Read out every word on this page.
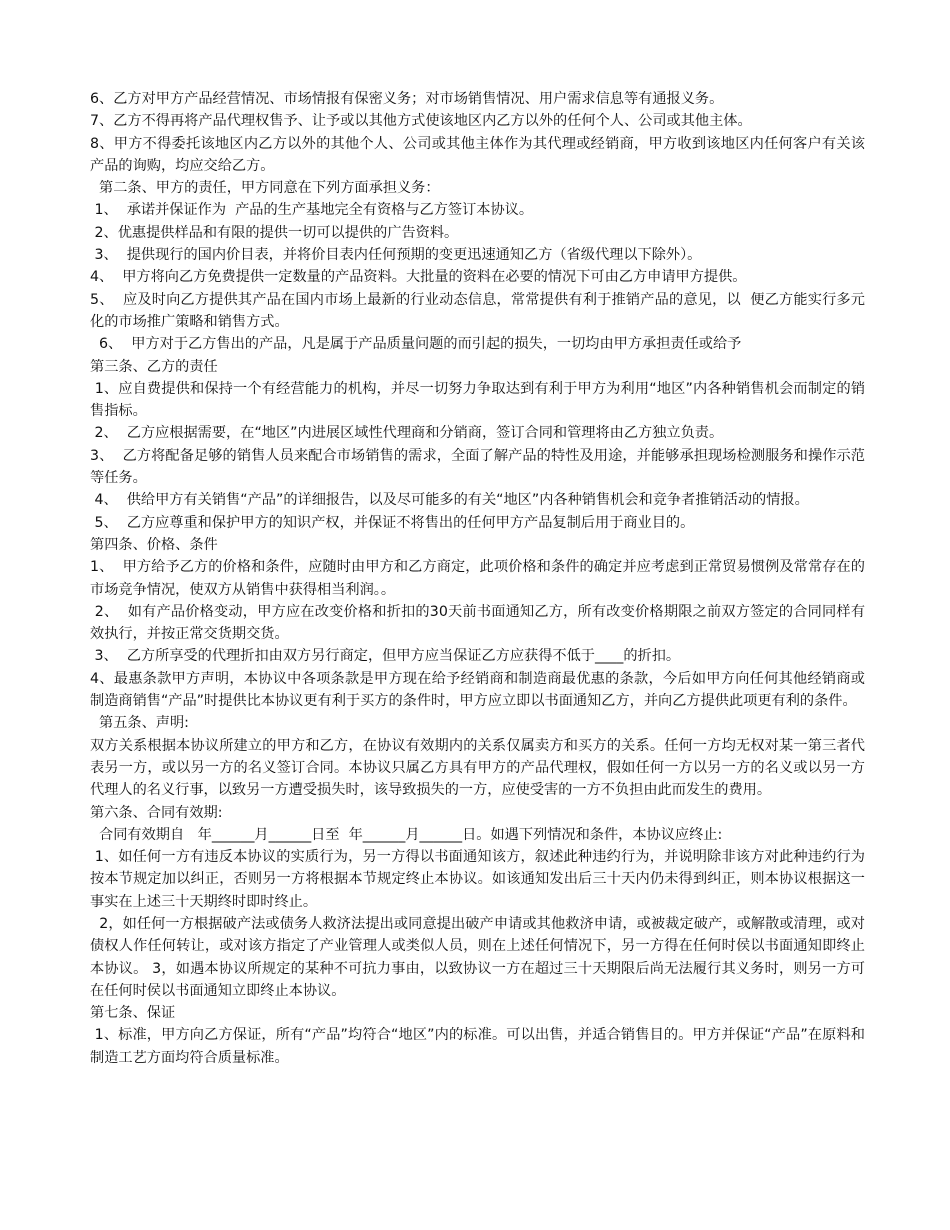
6、乙方对甲方产品经营情况、市场情报有保密义务；对市场销售情况、用户需求信息等有通报义务。

7、乙方不得再将产品代理权售予、让予或以其他方式使该地区内乙方以外的任何个人、公司或其他主体。

8、甲方不得委托该地区内乙方以外的其他个人、公司或其他主体作为其代理或经销商，甲方收到该地区内任何客户有关该产品的询购，均应交给乙方。

第二条、甲方的责任，甲方同意在下列方面承担义务：

1、  承诺并保证作为  产品的生产基地完全有资格与乙方签订本协议。

2、优惠提供样品和有限的提供一切可以提供的广告资料。

3、  提供现行的国内价目表，并将价目表内任何预期的变更迅速通知乙方（省级代理以下除外）。

4、  甲方将向乙方免费提供一定数量的产品资料。大批量的资料在必要的情况下可由乙方申请甲方提供。

5、  应及时向乙方提供其产品在国内市场上最新的行业动态信息，常常提供有利于推销产品的意见，以  便乙方能实行多元化的市场推广策略和销售方式。

6、  甲方对于乙方售出的产品，凡是属于产品质量问题的而引起的损失，一切均由甲方承担责任或给予

第三条、乙方的责任

1、应自费提供和保持一个有经营能力的机构，并尽一切努力争取达到有利于甲方为利用“地区”内各种销售机会而制定的销售指标。

2、  乙方应根据需要，在“地区”内进展区域性代理商和分销商，签订合同和管理将由乙方独立负责。

3、  乙方将配备足够的销售人员来配合市场销售的需求，全面了解产品的特性及用途，并能够承担现场检测服务和操作示范等任务。

4、  供给甲方有关销售“产品”的详细报告，以及尽可能多的有关“地区”内各种销售机会和竞争者推销活动的情报。

5、  乙方应尊重和保护甲方的知识产权，并保证不将售出的任何甲方产品复制后用于商业目的。

第四条、价格、条件

1、  甲方给予乙方的价格和条件，应随时由甲方和乙方商定，此项价格和条件的确定并应考虑到正常贸易惯例及常常存在的市场竞争情况，使双方从销售中获得相当利润。。

2、  如有产品价格变动，甲方应在改变价格和折扣的30天前书面通知乙方，所有改变价格期限之前双方签定的合同同样有效执行，并按正常交货期交货。

3、  乙方所享受的代理折扣由双方另行商定，但甲方应当保证乙方应获得不低于____的折扣。

4、最惠条款甲方声明，本协议中各项条款是甲方现在给予经销商和制造商最优惠的条款，今后如甲方向任何其他经销商或制造商销售“产品”时提供比本协议更有利于买方的条件时，甲方应立即以书面通知乙方，并向乙方提供此项更有利的条件。

第五条、声明:

双方关系根据本协议所建立的甲方和乙方，在协议有效期内的关系仅属卖方和买方的关系。任何一方均无权对某一第三者代表另一方，或以另一方的名义签订合同。本协议只属乙方具有甲方的产品代理权，假如任何一方以另一方的名义或以另一方代理人的名义行事，以致另一方遭受损失时，该导致损失的一方，应使受害的一方不负担由此而发生的费用。

第六条、合同有效期:

合同有效期自   年______月______日至  年______月______日。如遇下列情况和条件，本协议应终止:

1、如任何一方有违反本协议的实质行为，另一方得以书面通知该方，叙述此种违约行为，并说明除非该方对此种违约行为按本节规定加以纠正，否则另一方将根据本节规定终止本协议。如该通知发出后三十天内仍未得到纠正，则本协议根据这一事实在上述三十天期终时即时终止。

2，如任何一方根据破产法或债务人救济法提出或同意提出破产申请或其他救济申请，或被裁定破产，或解散或清理，或对债权人作任何转让，或对该方指定了产业管理人或类似人员，则在上述任何情况下，另一方得在任何时侯以书面通知即终止本协议。 3，如遇本协议所规定的某种不可抗力事由，以致协议一方在超过三十天期限后尚无法履行其义务时，则另一方可在任何时侯以书面通知立即终止本协议。

第七条、保证

1、标准，甲方向乙方保证，所有“产品”均符合“地区”内的标准。可以出售，并适合销售目的。甲方并保证“产品”在原料和制造工艺方面均符合质量标准。
